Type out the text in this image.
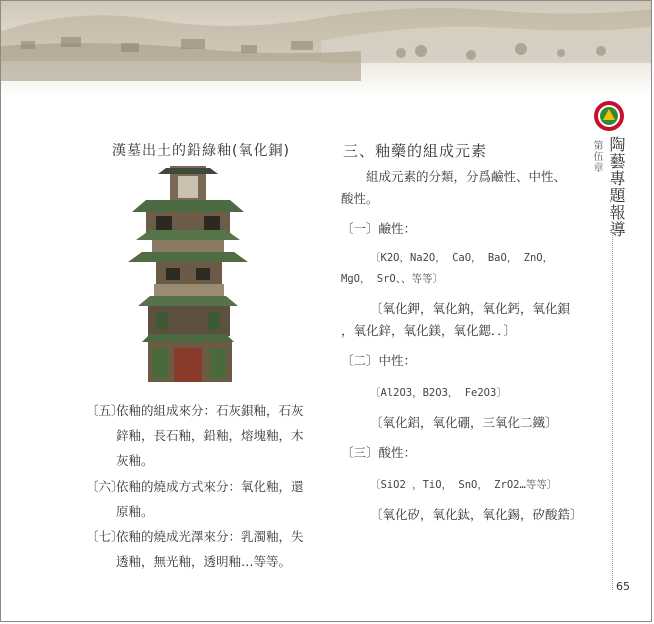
漢墓出土的鉛綠釉(氧化銅)
〔五〕
依釉的組成來分：石灰鋇釉，石灰
鋅釉，長石釉，鉛釉，熔塊釉，木
灰釉。
〔六〕
依釉的燒成方式來分：氧化釉，還
原釉。
〔七〕
依釉的燒成光澤來分：乳濁釉，失
透釉，無光釉，透明釉…等等。
三、釉藥的組成元素
組成元素的分類，分爲鹼性、中性、
酸性。
〔一〕鹼性：
〔K2O，Na2O， CaO， BaO， ZnO，
MgO， SrO、、等等〕
〔氧化鉀，氧化鈉，氧化鈣，氧化鋇
，氧化鋅，氧化鎂，氧化鍶．．〕
〔二〕中性：
〔Al2O3，B2O3， Fe2O3〕
〔氧化鋁，氧化硼，三氧化二鐵〕
〔三〕酸性：
〔SiO2 ，TiO， SnO， ZrO2…等等〕
〔氧化矽，氧化鈦，氧化錫，矽酸鋯〕
第伍章 陶藝專題報導
65
